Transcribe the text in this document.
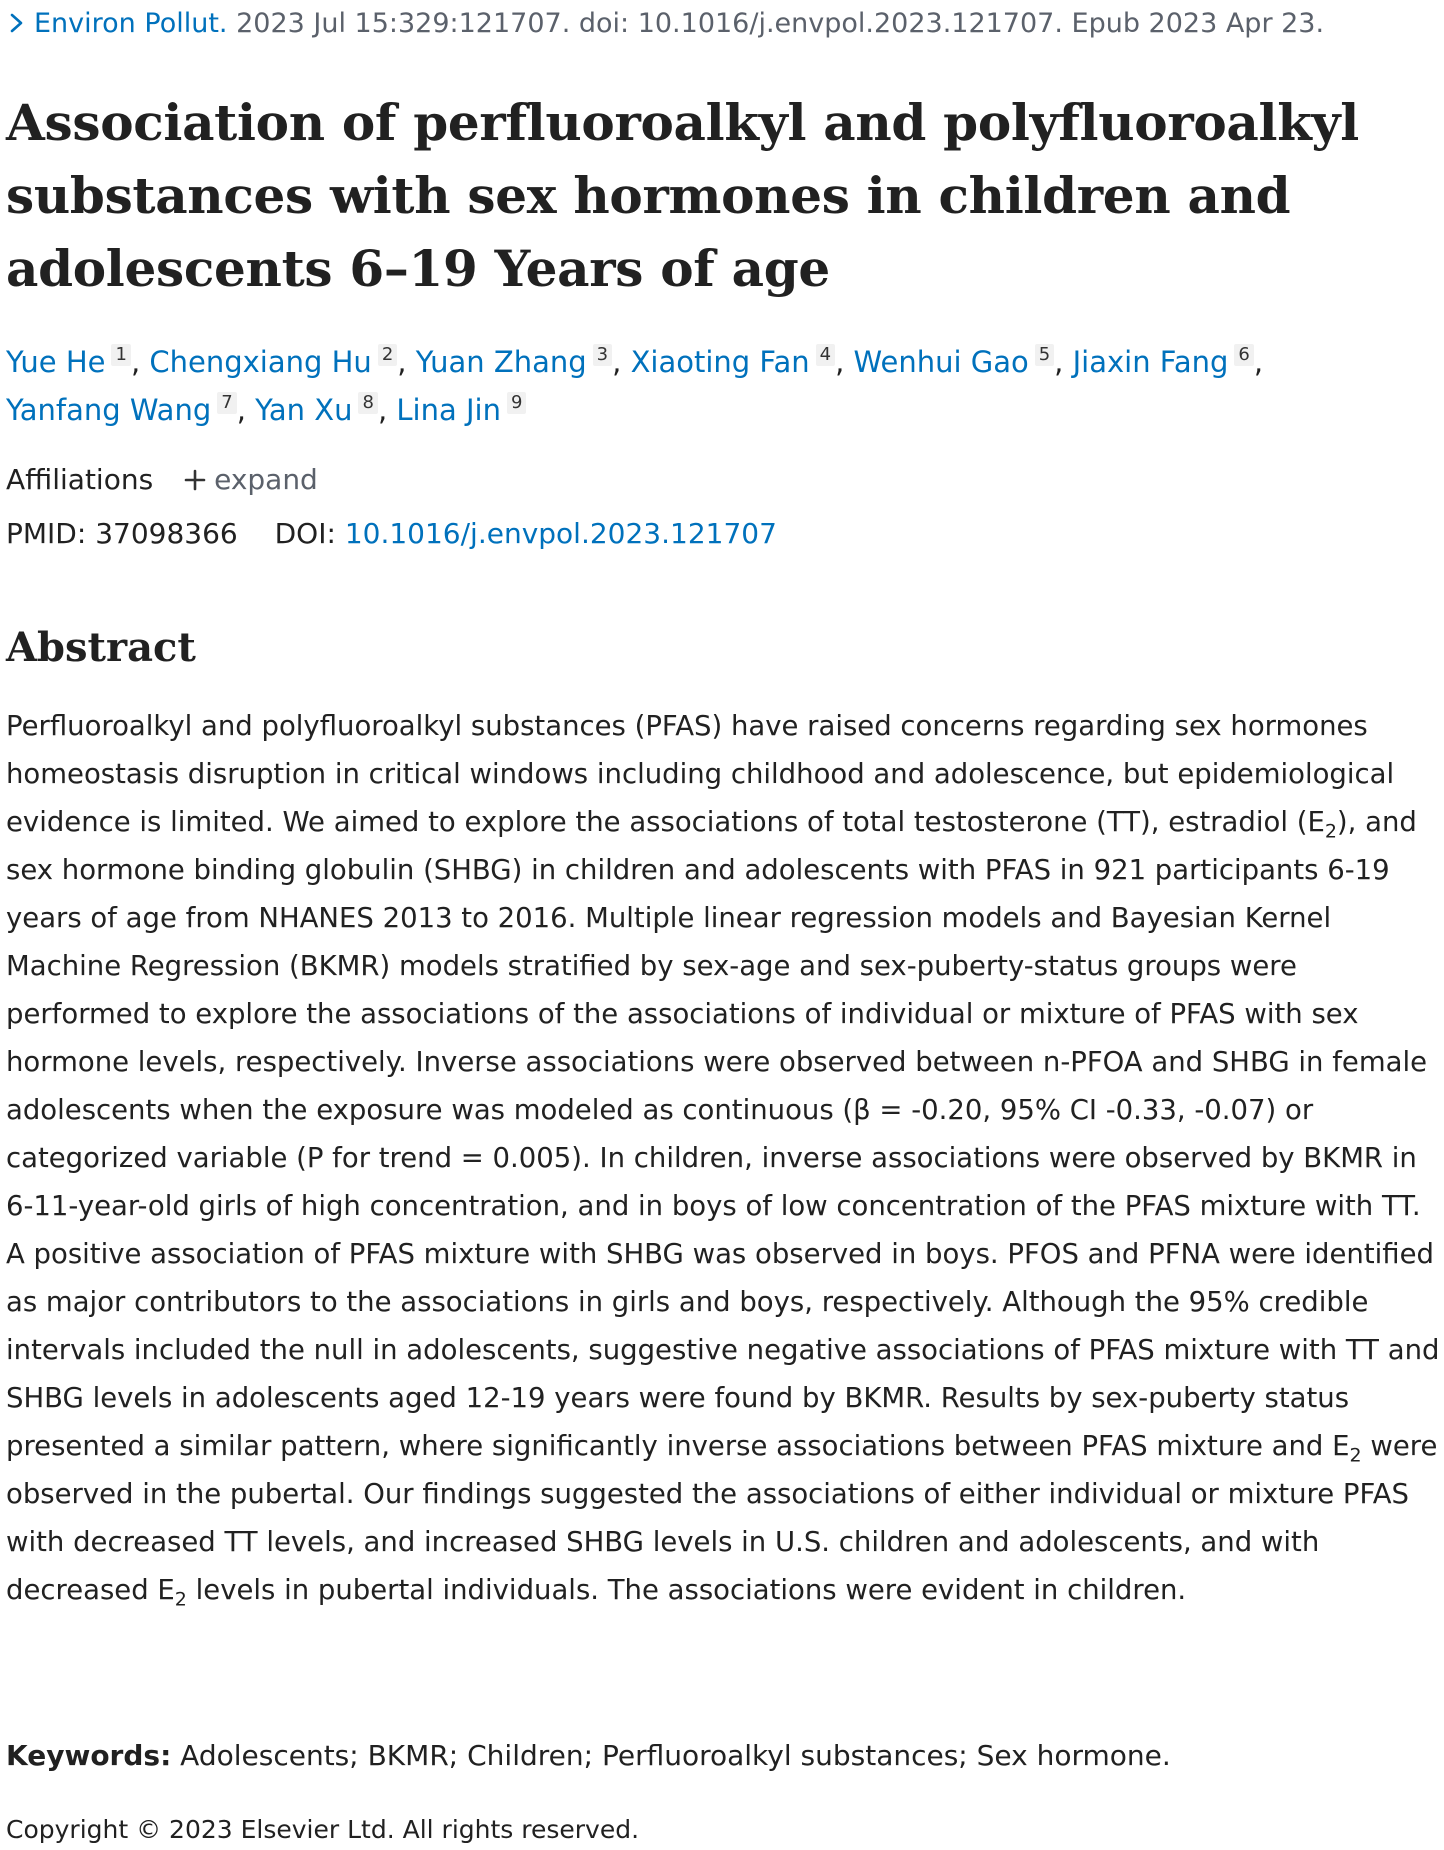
Environ Pollut. 2023 Jul 15:329:121707. doi: 10.1016/j.envpol.2023.121707. Epub 2023 Apr 23.
Association of perfluoroalkyl and polyfluoroalkyl substances with sex hormones in children and adolescents 6–19 Years of age
Yue He $^1$ , Chengxiang Hu $^2$ , Yuan Zhang $^3$ , Xiaoting Fan $^4$ , Wenhui Gao $^5$ , Jiaxin Fang $^6$ ,
Yanfang Wang $^7$ , Yan Xu $^8$ , Lina Jin $^9$
Affiliations expand
PMID: 37098366 DOI: 10.1016/j.envpol.2023.121707
Abstract

Perfluoroalkyl and polyfluoroalkyl substances (PFAS) have raised concerns regarding sex hormones homeostasis disruption in critical windows including childhood and adolescence, but epidemiological evidence is limited. We aimed to explore the associations of total testosterone (TT), estradiol $(E_2)$, and sex hormone binding globulin (SHBG) in children and adolescents with PFAS in 921 participants 6-19 years of age from NHANES 2013 to 2016. Multiple linear regression models and Bayesian Kernel Machine Regression (BKMR) models stratified by sex-age and sex-puberty-status groups were performed to explore the associations of the associations of individual or mixture of PFAS with sex hormone levels, respectively. Inverse associations were observed between n-PFOA and SHBG in female adolescents when the exposure was modeled as continuous (β = -0.20, 95% CI -0.33, -0.07) or categorized variable (P for trend = 0.005). In children, inverse associations were observed by BKMR in 6-11-year-old girls of high concentration, and in boys of low concentration of the PFAS mixture with TT. A positive association of PFAS mixture with SHBG was observed in boys. PFOS and PFNA were identified as major contributors to the associations in girls and boys, respectively. Although the 95% credible intervals included the null in adolescents, suggestive negative associations of PFAS mixture with TT and SHBG levels in adolescents aged 12-19 years were found by BKMR. Results by sex-puberty status presented a similar pattern, where significantly inverse associations between PFAS mixture and $E_2$ were observed in the pubertal. Our findings suggested the associations of either individual or mixture PFAS with decreased TT levels, and increased SHBG levels in U.S. children and adolescents, and with decreased $E_2$ levels in pubertal individuals. The associations were evident in children.

Keywords: Adolescents; BKMR; Children; Perfluoroalkyl substances; Sex hormone.
Copyright © 2023 Elsevier Ltd. All rights reserved.
